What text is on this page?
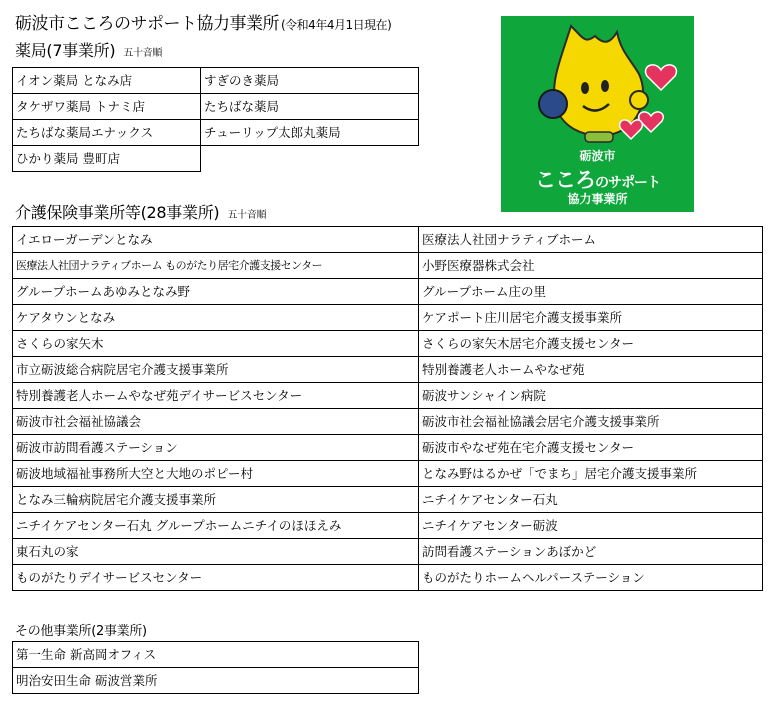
砺波市こころのサポート協力事業所 (令和4年4月1日現在)
薬局(7事業所) 五十音順
イオン薬局 となみ店	すぎのき薬局
タケザワ薬局 トナミ店	たちばな薬局
たちばな薬局エナックス	チューリップ太郎丸薬局
ひかり薬局 豊町店	
介護保険事業所等(28事業所) 五十音順
イエローガーデンとなみ	医療法人社団ナラティブホーム
医療法人社団ナラティブホーム ものがたり居宅介護支援センター	小野医療器株式会社
グループホームあゆみとなみ野	グループホーム庄の里
ケアタウンとなみ	ケアポート庄川居宅介護支援事業所
さくらの家矢木	さくらの家矢木居宅介護支援センター
市立砺波総合病院居宅介護支援事業所	特別養護老人ホームやなぜ苑
特別養護老人ホームやなぜ苑デイサービスセンター	砺波サンシャイン病院
砺波市社会福祉協議会	砺波市社会福祉協議会居宅介護支援事業所
砺波市訪問看護ステーション	砺波市やなぜ苑在宅介護支援センター
砺波地域福祉事務所大空と大地のポピー村	となみ野はるかぜ「でまち」居宅介護支援事業所
となみ三輪病院居宅介護支援事業所	ニチイケアセンター石丸
ニチイケアセンター石丸 グループホームニチイのほほえみ	ニチイケアセンター砺波
東石丸の家	訪問看護ステーションあぼかど
ものがたりデイサービスセンター	ものがたりホームヘルパーステーション
その他事業所(2事業所)
第一生命 新高岡オフィス
明治安田生命 砺波営業所
砺波市
こころのサポート
協力事業所
